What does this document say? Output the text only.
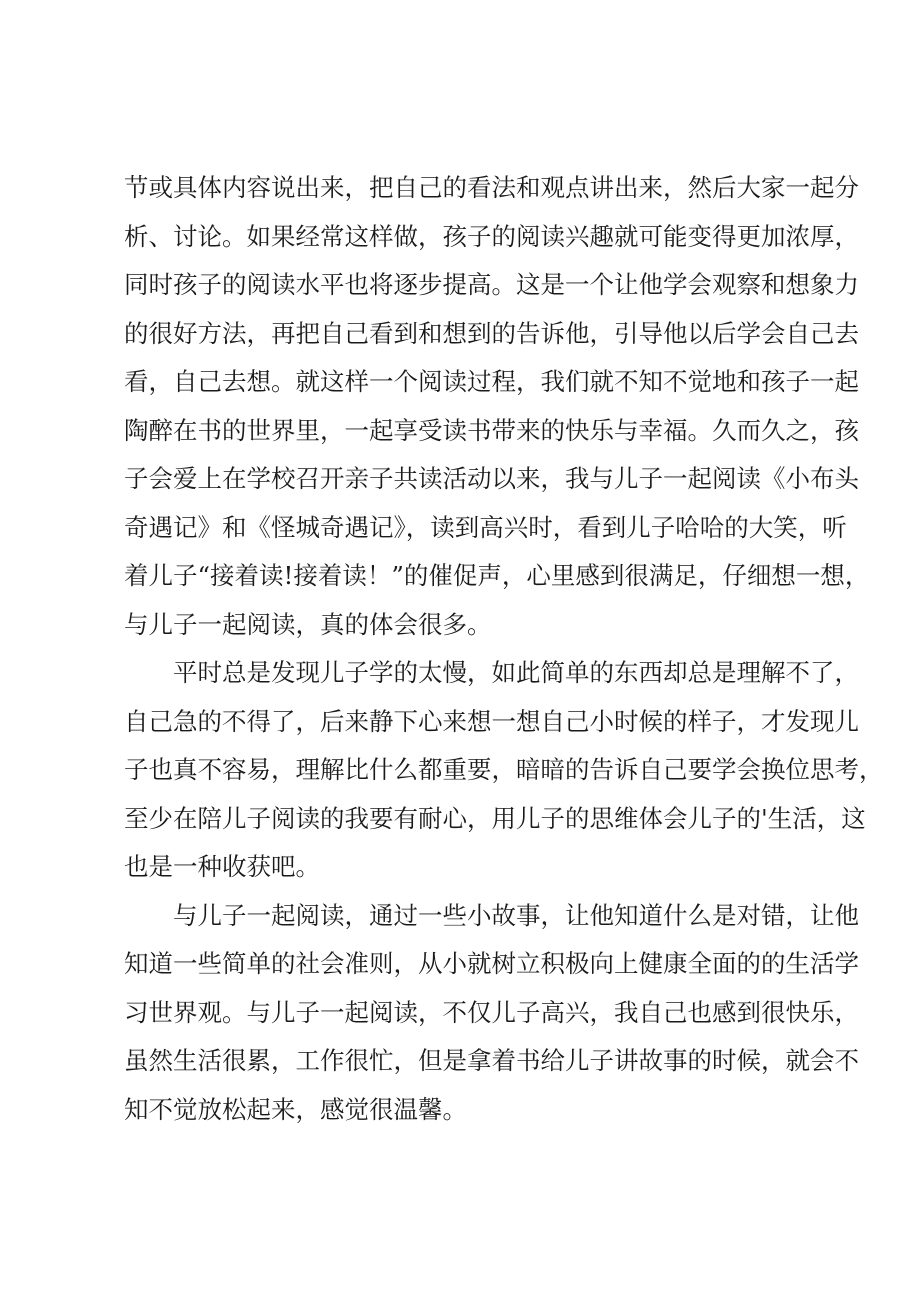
节或具体内容说出来，把自己的看法和观点讲出来，然后大家一起分
析、讨论。如果经常这样做，孩子的阅读兴趣就可能变得更加浓厚，
同时孩子的阅读水平也将逐步提高。这是一个让他学会观察和想象力
的很好方法，再把自己看到和想到的告诉他，引导他以后学会自己去
看，自己去想。就这样一个阅读过程，我们就不知不觉地和孩子一起
陶醉在书的世界里，一起享受读书带来的快乐与幸福。久而久之，孩
子会爱上在学校召开亲子共读活动以来，我与儿子一起阅读《小布头
奇遇记》和《怪城奇遇记》，读到高兴时，看到儿子哈哈的大笑，听
着儿子“接着读!接着读！”的催促声，心里感到很满足，仔细想一想，
与儿子一起阅读，真的体会很多。
平时总是发现儿子学的太慢，如此简单的东西却总是理解不了，
自己急的不得了，后来静下心来想一想自己小时候的样子，才发现儿
子也真不容易，理解比什么都重要，暗暗的告诉自己要学会换位思考，
至少在陪儿子阅读的我要有耐心，用儿子的思维体会儿子的'生活，这
也是一种收获吧。
与儿子一起阅读，通过一些小故事，让他知道什么是对错，让他
知道一些简单的社会准则，从小就树立积极向上健康全面的的生活学
习世界观。与儿子一起阅读，不仅儿子高兴，我自己也感到很快乐，
虽然生活很累，工作很忙，但是拿着书给儿子讲故事的时候，就会不
知不觉放松起来，感觉很温馨。
